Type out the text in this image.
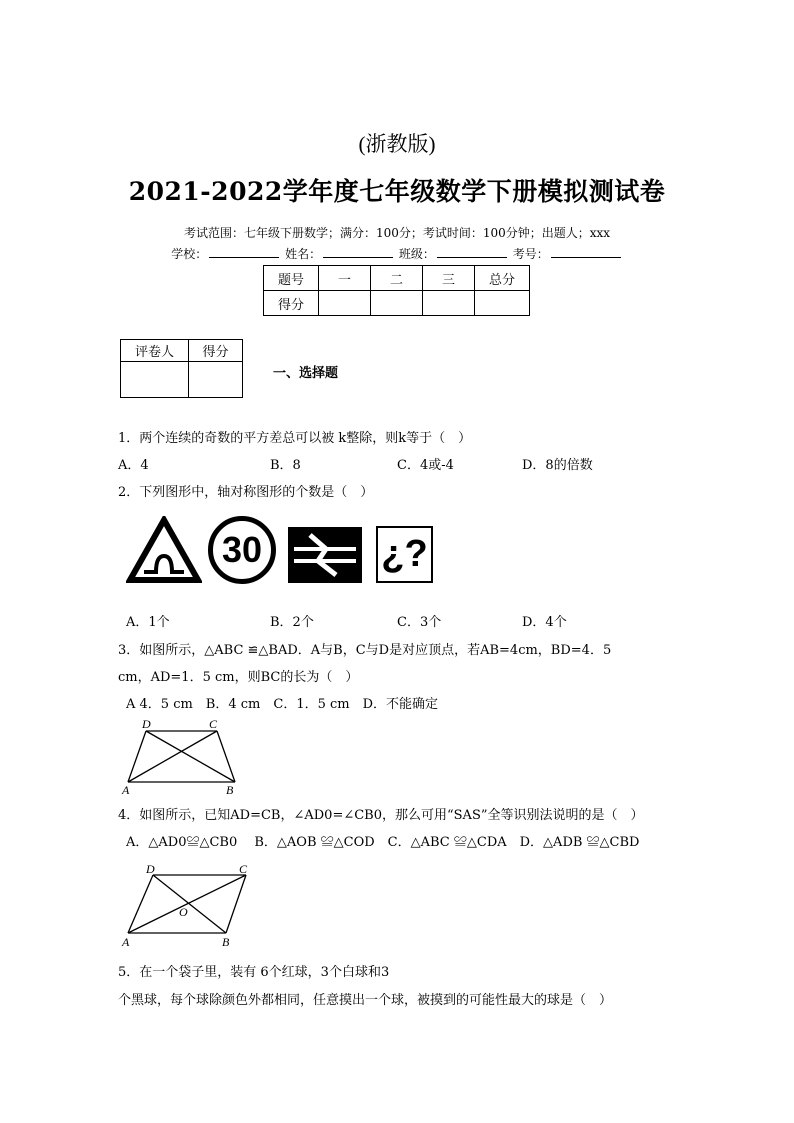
(浙教版)
2021-2022学年度七年级数学下册模拟测试卷
考试范围：七年级下册数学；满分：100分；考试时间：100分钟；出题人；xxx
学校：	姓名：	班级：	考号：
题号	一	二	三	总分
得分				
评卷人	得分

一、选择题
1．两个连续的奇数的平方差总可以被 k整除，则k等于（　）
A．4	B．8	C．4或-4	D．8的倍数
2．下列图形中，轴对称图形的个数是（　）
30	¿?
A．1个	B．2个	C．3个	D．4个
3．如图所示，△ABC ≌△BAD．A与B，C与D是对应顶点，若AB=4cm，BD=4．5
cm，AD=1．5 cm，则BC的长为（　）
A 4．5 cm　B．4 cm　C．1．5 cm　D．不能确定
D	C
A	B
4．如图所示，已知AD=CB，∠AD0=∠CB0，那么可用“SAS”全等识别法说明的是（　）
A．△AD0≌△CB0　 B．△AOB ≌△COD　C．△ABC ≌△CDA　D．△ADB ≌△CBD
D	C
O
A	B
5．在一个袋子里，装有 6个红球，3个白球和3
个黑球，每个球除颜色外都相同，任意摸出一个球，被摸到的可能性最大的球是（　）
